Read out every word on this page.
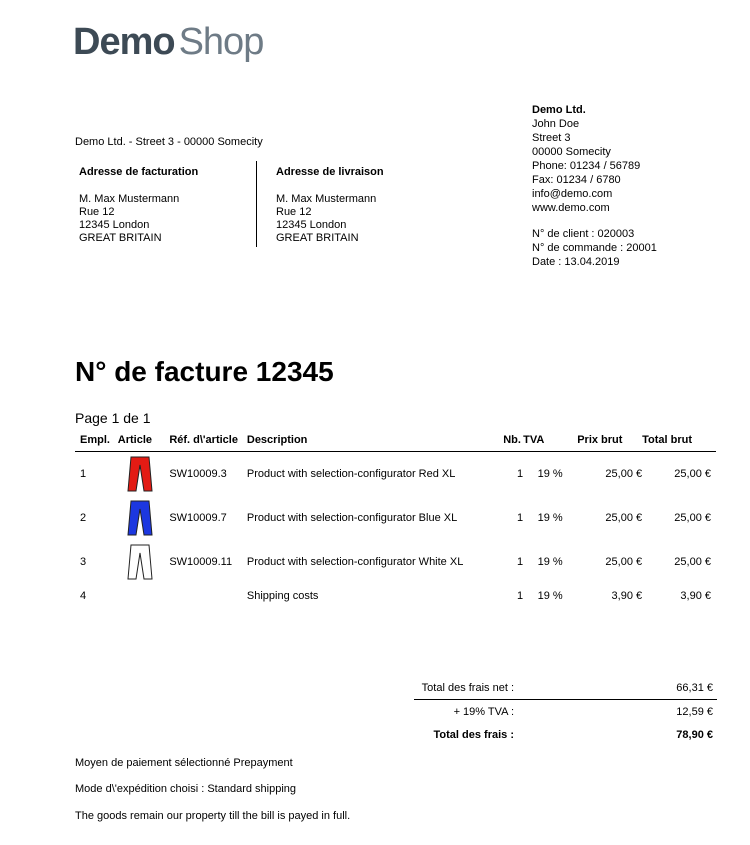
Demo Shop
Demo Ltd. - Street 3 - 00000 Somecity
Adresse de facturation
M. Max Mustermann
Rue 12
12345 London
GREAT BRITAIN
Adresse de livraison
M. Max Mustermann
Rue 12
12345 London
GREAT BRITAIN
Demo Ltd.
John Doe
Street 3
00000 Somecity
Phone: 01234 / 56789
Fax: 01234 / 6780
info@demo.com
www.demo.com
N° de client : 020003
N° de commande : 20001
Date : 13.04.2019
N° de facture 12345
Page 1 de 1
Empl.	Article	Réf. d\'article	Description	Nb.	TVA	Prix brut	Total brut
1		SW10009.3	Product with selection-configurator Red XL	1	19 %	25,00 €	25,00 €
2		SW10009.7	Product with selection-configurator Blue XL	1	19 %	25,00 €	25,00 €
3		SW10009.11	Product with selection-configurator White XL	1	19 %	25,00 €	25,00 €
4			Shipping costs	1	19 %	3,90 €	3,90 €
Total des frais net :	66,31 €
+ 19% TVA :	12,59 €
Total des frais :	78,90 €
Moyen de paiement sélectionné Prepayment
Mode d\'expédition choisi : Standard shipping
The goods remain our property till the bill is payed in full.
